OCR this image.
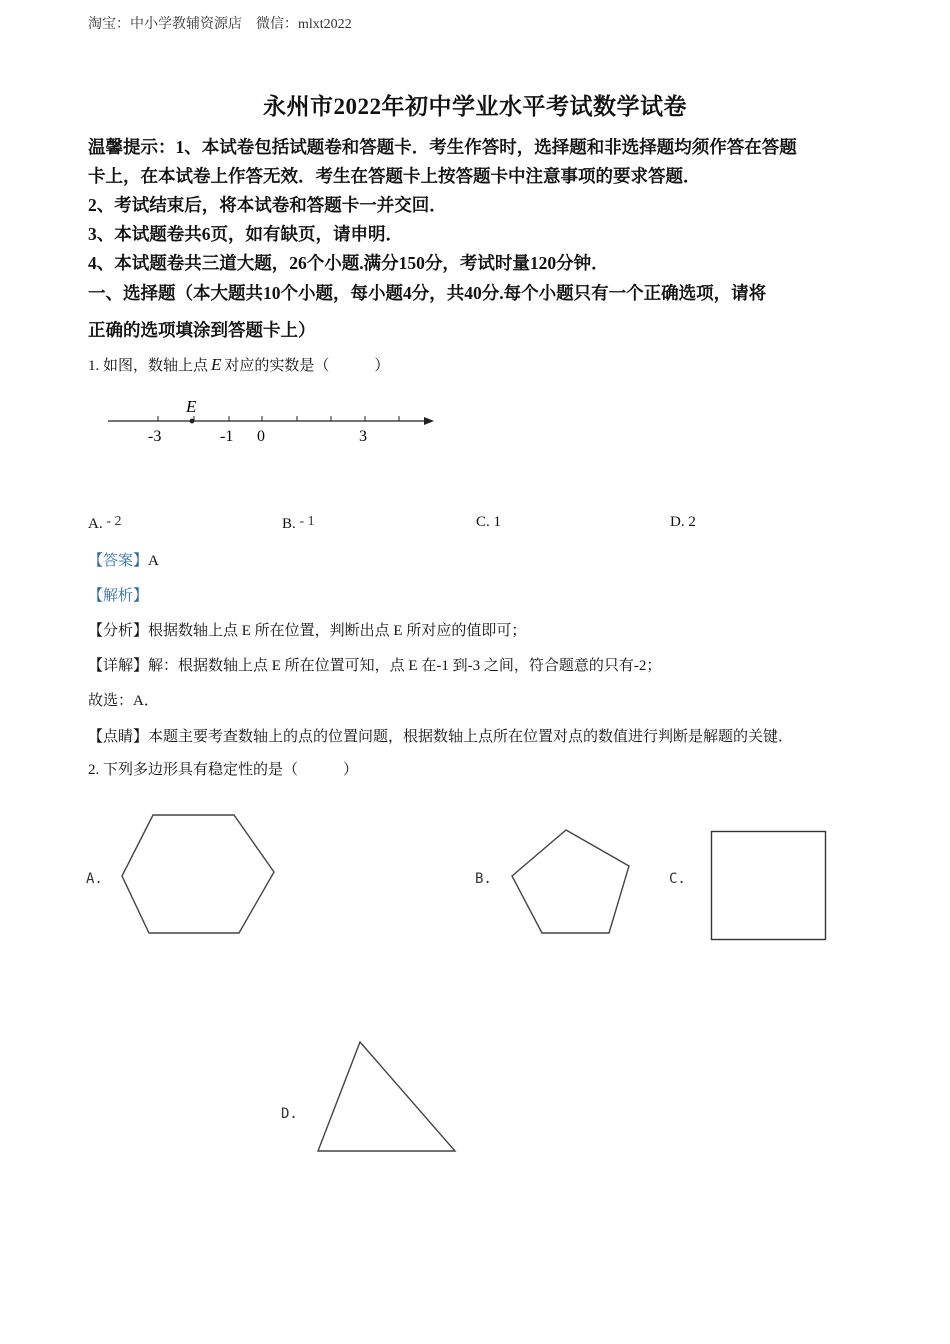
淘宝：中小学教辅资源店　微信：mlxt2022
永州市2022年初中学业水平考试数学试卷
温馨提示：1、本试卷包括试题卷和答题卡．考生作答时，选择题和非选择题均须作答在答题
卡上，在本试卷上作答无效．考生在答题卡上按答题卡中注意事项的要求答题．
2、考试结束后，将本试卷和答题卡一并交回．
3、本试题卷共6页，如有缺页，请申明．
4、本试题卷共三道大题，26个小题.满分150分，考试时量120分钟．
一、选择题（本大题共10个小题，每小题4分，共40分.每个小题只有一个正确选项，请将
正确的选项填涂到答题卡上）
1. 如图，数轴上点 E 对应的实数是（　　　）
E
-3	-1 0	3
A. - 2	B. - 1	C. 1	D. 2
【答案】A
【解析】
【分析】根据数轴上点 E 所在位置，判断出点 E 所对应的值即可；
【详解】解：根据数轴上点 E 所在位置可知，点 E 在-1 到-3 之间，符合题意的只有-2；
故选：A．
【点睛】本题主要考查数轴上的点的位置问题，根据数轴上点所在位置对点的数值进行判断是解题的关键．
2. 下列多边形具有稳定性的是（　　　）
A.	B.	C.
D.
